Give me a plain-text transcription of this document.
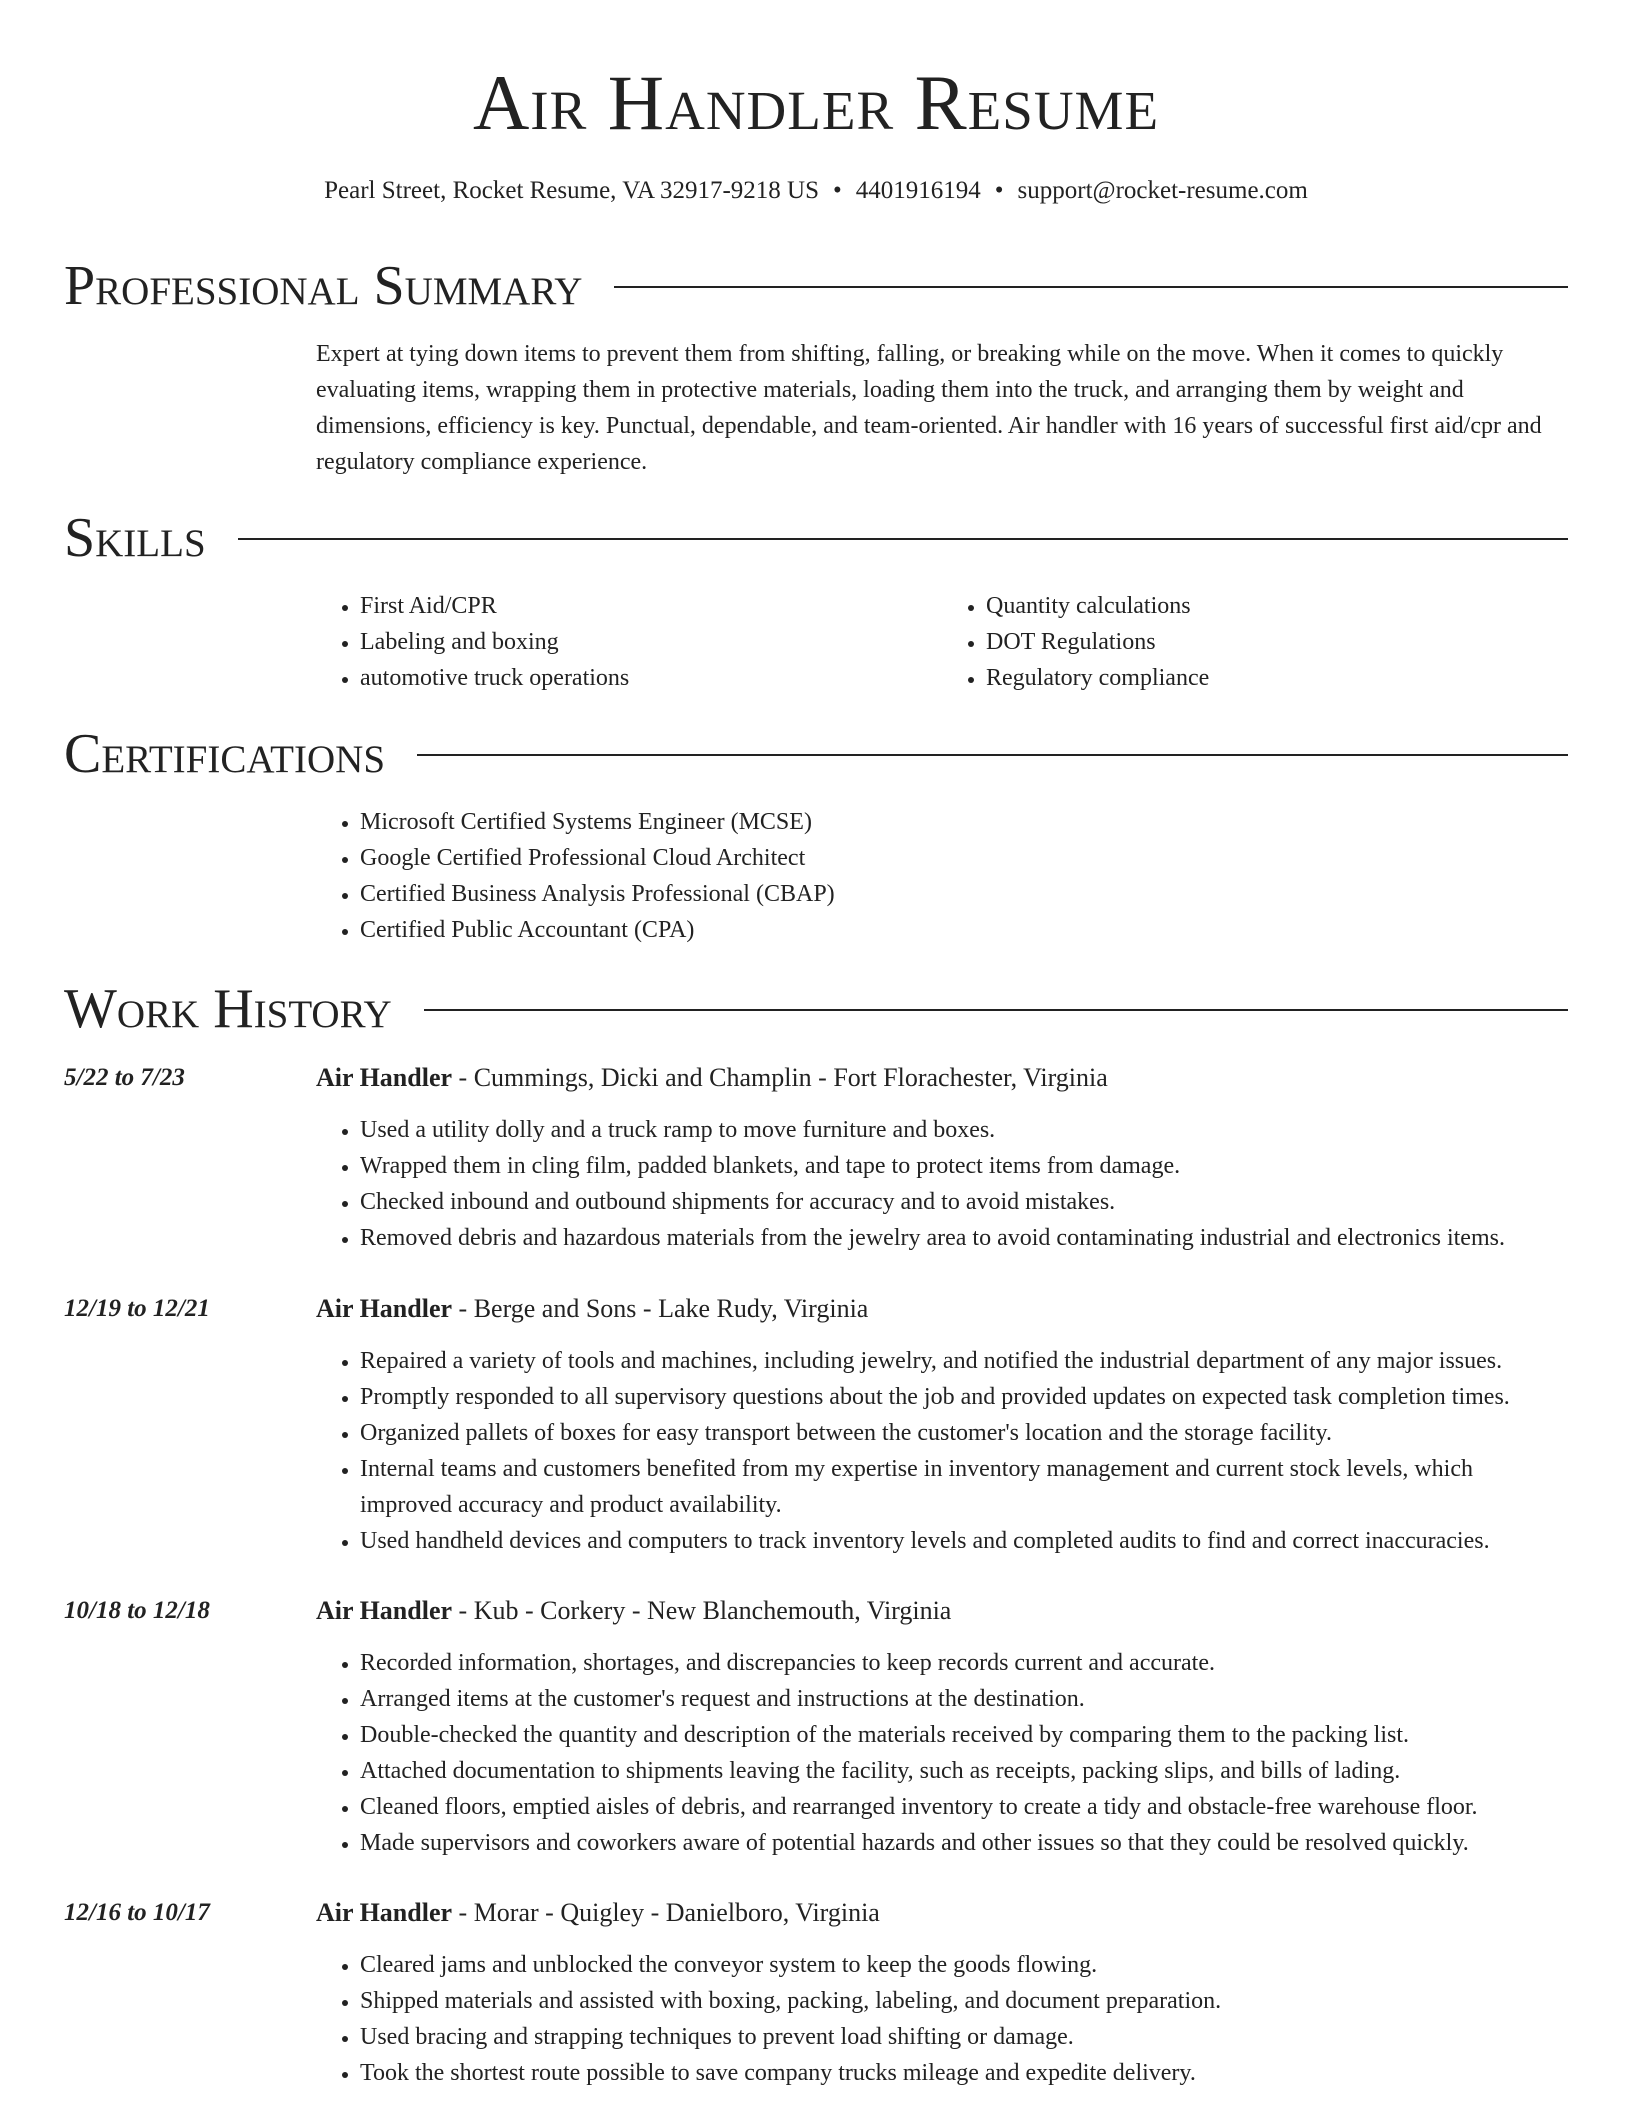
Air Handler Resume
Pearl Street, Rocket Resume, VA 32917-9218 US • 4401916194 • support@rocket-resume.com
Professional Summary

Expert at tying down items to prevent them from shifting, falling, or breaking while on the move. When it comes to quickly evaluating items, wrapping them in protective materials, loading them into the truck, and arranging them by weight and dimensions, efficiency is key. Punctual, dependable, and team-oriented. Air handler with 16 years of successful first aid/cpr and regulatory compliance experience.

Skills
• First Aid/CPR
• Labeling and boxing
• automotive truck operations
• Quantity calculations
• DOT Regulations
• Regulatory compliance
Certifications
• Microsoft Certified Systems Engineer (MCSE)
• Google Certified Professional Cloud Architect
• Certified Business Analysis Professional (CBAP)
• Certified Public Accountant (CPA)
Work History
5/22 to 7/23	Air Handler - Cummings, Dicki and Champlin - Fort Florachester, Virginia
• Used a utility dolly and a truck ramp to move furniture and boxes.
• Wrapped them in cling film, padded blankets, and tape to protect items from damage.
• Checked inbound and outbound shipments for accuracy and to avoid mistakes.
• Removed debris and hazardous materials from the jewelry area to avoid contaminating industrial and electronics items.
12/19 to 12/21	Air Handler - Berge and Sons - Lake Rudy, Virginia
• Repaired a variety of tools and machines, including jewelry, and notified the industrial department of any major issues.
• Promptly responded to all supervisory questions about the job and provided updates on expected task completion times.
• Organized pallets of boxes for easy transport between the customer's location and the storage facility.
• Internal teams and customers benefited from my expertise in inventory management and current stock levels, which improved accuracy and product availability.
• Used handheld devices and computers to track inventory levels and completed audits to find and correct inaccuracies.
10/18 to 12/18	Air Handler - Kub - Corkery - New Blanchemouth, Virginia
• Recorded information, shortages, and discrepancies to keep records current and accurate.
• Arranged items at the customer's request and instructions at the destination.
• Double-checked the quantity and description of the materials received by comparing them to the packing list.
• Attached documentation to shipments leaving the facility, such as receipts, packing slips, and bills of lading.
• Cleaned floors, emptied aisles of debris, and rearranged inventory to create a tidy and obstacle-free warehouse floor.
• Made supervisors and coworkers aware of potential hazards and other issues so that they could be resolved quickly.
12/16 to 10/17	Air Handler - Morar - Quigley - Danielboro, Virginia
• Cleared jams and unblocked the conveyor system to keep the goods flowing.
• Shipped materials and assisted with boxing, packing, labeling, and document preparation.
• Used bracing and strapping techniques to prevent load shifting or damage.
• Took the shortest route possible to save company trucks mileage and expedite delivery.
